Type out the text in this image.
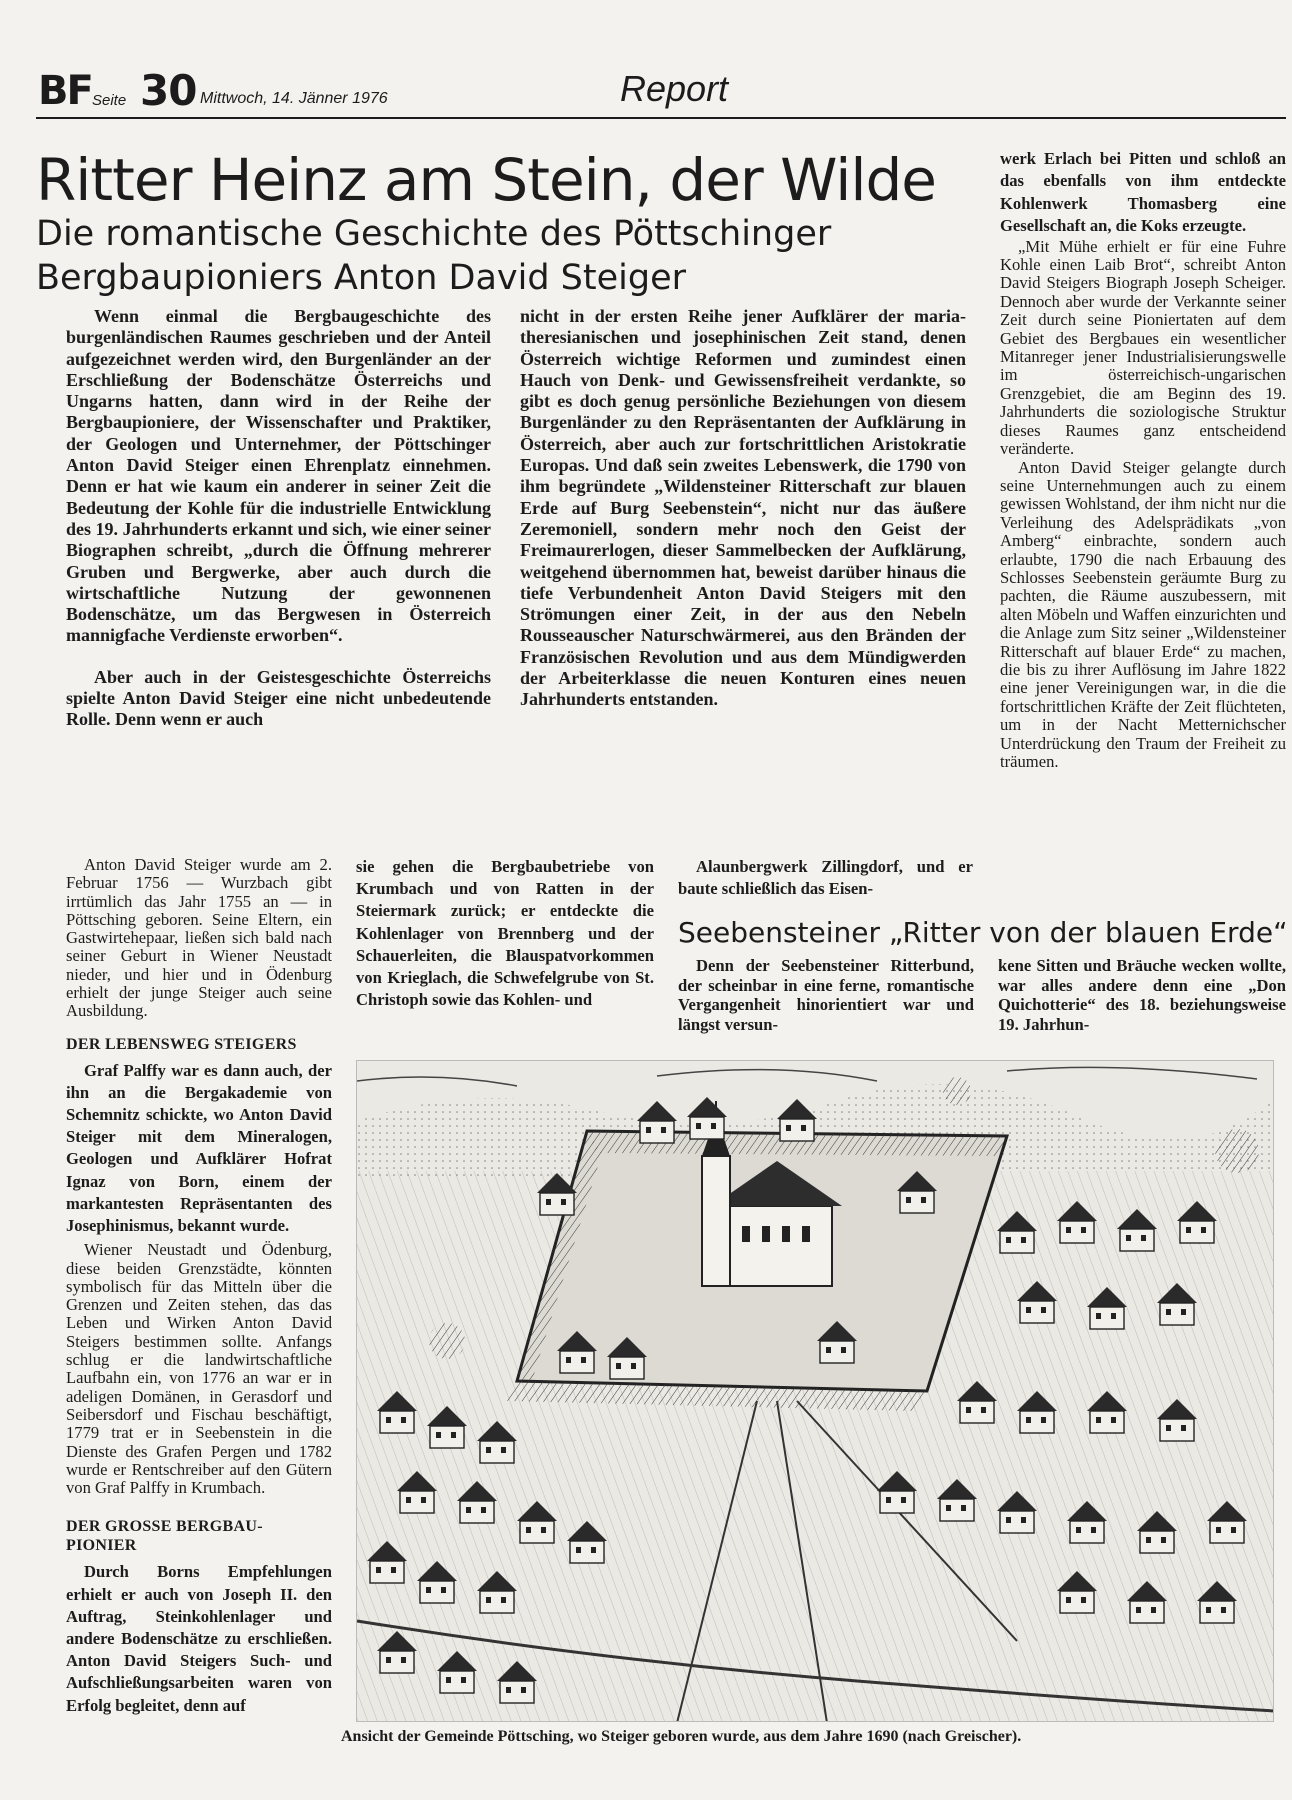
BF Seite 30 Mittwoch, 14. Jänner 1976	Report
Ritter Heinz am Stein, der Wilde
Die romantische Geschichte des Pöttschinger
Bergbaupioniers Anton David Steiger

Wenn einmal die Bergbaugeschichte des burgenländischen Raumes geschrieben und der Anteil aufgezeichnet werden wird, den Burgenländer an der Erschließung der Bodenschätze Österreichs und Ungarns hatten, dann wird in der Reihe der Bergbaupioniere, der Wissenschafter und Praktiker, der Geologen und Unternehmer, der Pöttschinger Anton David Steiger einen Ehrenplatz einnehmen. Denn er hat wie kaum ein anderer in seiner Zeit die Bedeutung der Kohle für die industrielle Entwicklung des 19. Jahrhunderts erkannt und sich, wie einer seiner Biographen schreibt, „durch die Öffnung mehrerer Gruben und Bergwerke, aber auch durch die wirtschaftliche Nutzung der gewonnenen Bodenschätze, um das Bergwesen in Österreich mannigfache Verdienste erworben“.

Aber auch in der Geistesgeschichte Österreichs spielte Anton David Steiger eine nicht unbedeutende Rolle. Denn wenn er auch

nicht in der ersten Reihe jener Aufklärer der maria-theresianischen und josephinischen Zeit stand, denen Österreich wichtige Reformen und zumindest einen Hauch von Denk- und Gewissensfreiheit verdankte, so gibt es doch genug persönliche Beziehungen von diesem Burgenländer zu den Repräsentanten der Aufklärung in Österreich, aber auch zur fortschrittlichen Aristokratie Europas. Und daß sein zweites Lebenswerk, die 1790 von ihm begründete „Wildensteiner Ritterschaft zur blauen Erde auf Burg Seebenstein“, nicht nur das äußere Zeremoniell, sondern mehr noch den Geist der Freimaurerlogen, dieser Sammelbecken der Aufklärung, weitgehend übernommen hat, beweist darüber hinaus die tiefe Verbundenheit Anton David Steigers mit den Strömungen einer Zeit, in der aus den Nebeln Rousseauscher Naturschwärmerei, aus den Bränden der Französischen Revolution und aus dem Mündigwerden der Arbeiterklasse die neuen Konturen eines neuen Jahrhunderts entstanden.

werk Erlach bei Pitten und schloß an das ebenfalls von ihm entdeckte Kohlenwerk Thomasberg eine Gesellschaft an, die Koks erzeugte.

„Mit Mühe erhielt er für eine Fuhre Kohle einen Laib Brot“, schreibt Anton David Steigers Biograph Joseph Scheiger. Dennoch aber wurde der Verkannte seiner Zeit durch seine Pioniertaten auf dem Gebiet des Bergbaues ein wesentlicher Mitanreger jener Industrialisierungswelle im österreichisch-ungarischen Grenzgebiet, die am Beginn des 19. Jahrhunderts die soziologische Struktur dieses Raumes ganz entscheidend veränderte.

Anton David Steiger gelangte durch seine Unternehmungen auch zu einem gewissen Wohlstand, der ihm nicht nur die Verleihung des Adelsprädikats „von Amberg“ einbrachte, sondern auch erlaubte, 1790 die nach Erbauung des Schlosses Seebenstein geräumte Burg zu pachten, die Räume auszubessern, mit alten Möbeln und Waffen einzurichten und die Anlage zum Sitz seiner „Wildensteiner Ritterschaft auf blauer Erde“ zu machen, die bis zu ihrer Auflösung im Jahre 1822 eine jener Vereinigungen war, in die die fortschrittlichen Kräfte der Zeit flüchteten, um in der Nacht Metternichscher Unterdrückung den Traum der Freiheit zu träumen.

Anton David Steiger wurde am 2. Februar 1756 — Wurzbach gibt irrtümlich das Jahr 1755 an — in Pöttsching geboren. Seine Eltern, ein Gastwirtehepaar, ließen sich bald nach seiner Geburt in Wiener Neustadt nieder, und hier und in Ödenburg erhielt der junge Steiger auch seine Ausbildung.

DER LEBENSWEG STEIGERS

Graf Palffy war es dann auch, der ihn an die Bergakademie von Schemnitz schickte, wo Anton David Steiger mit dem Mineralogen, Geologen und Aufklärer Hofrat Ignaz von Born, einem der markantesten Repräsentanten des Josephinismus, bekannt wurde.

Wiener Neustadt und Ödenburg, diese beiden Grenzstädte, könnten symbolisch für das Mitteln über die Grenzen und Zeiten stehen, das das Leben und Wirken Anton David Steigers bestimmen sollte. Anfangs schlug er die landwirtschaftliche Laufbahn ein, von 1776 an war er in adeligen Domänen, in Gerasdorf und Seibersdorf und Fischau beschäftigt, 1779 trat er in Seebenstein in die Dienste des Grafen Pergen und 1782 wurde er Rentschreiber auf den Gütern von Graf Palffy in Krumbach.

DER GROSSE BERGBAU-PIONIER

Durch Borns Empfehlungen erhielt er auch von Joseph II. den Auftrag, Steinkohlenlager und andere Bodenschätze zu erschließen. Anton David Steigers Such- und Aufschließungsarbeiten waren von Erfolg begleitet, denn auf

sie gehen die Bergbaubetriebe von Krumbach und von Ratten in der Steiermark zurück; er entdeckte die Kohlenlager von Brennberg und der Schauerleiten, die Blauspatvorkommen von Krieglach, die Schwefelgrube von St. Christoph sowie das Kohlen- und

Alaunbergwerk Zillingdorf, und er baute schließlich das Eisen-

Seebensteiner „Ritter von der blauen Erde“

Denn der Seebensteiner Ritterbund, der scheinbar in eine ferne, romantische Vergangenheit hinorientiert war und längst versun-

kene Sitten und Bräuche wecken wollte, war alles andere denn eine „Don Quichotterie“ des 18. beziehungsweise 19. Jahrhun-

Ansicht der Gemeinde Pöttsching, wo Steiger geboren wurde, aus dem Jahre 1690 (nach Greischer).
